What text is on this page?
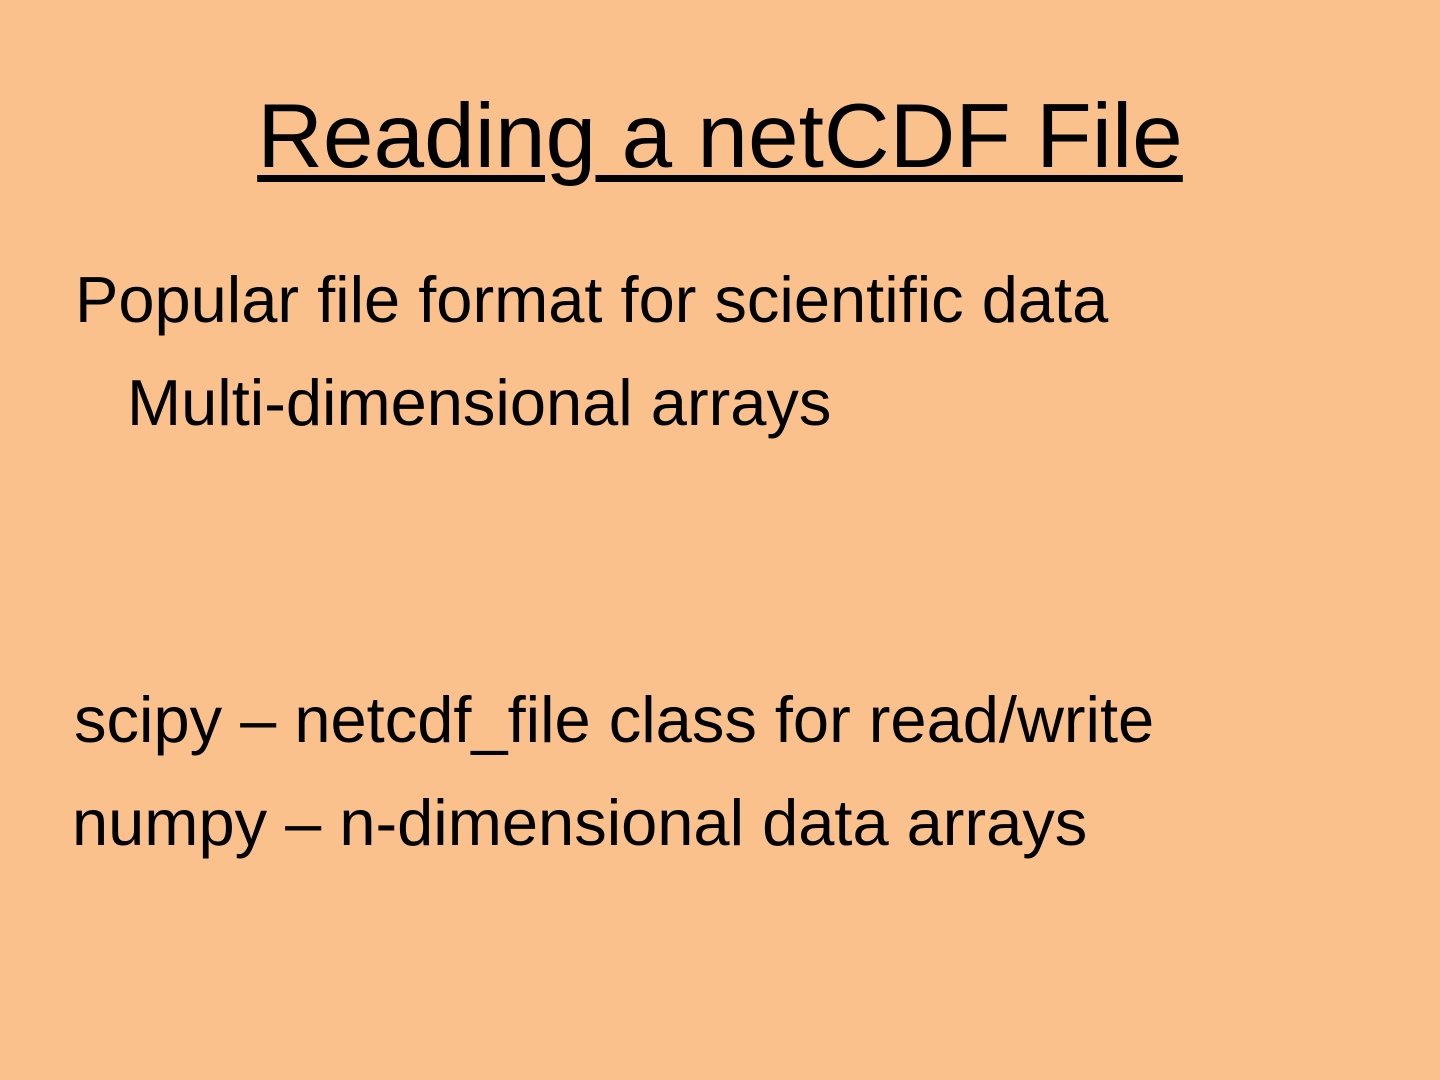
Reading a netCDF File

Popular file format for scientific data

Multi-dimensional arrays

scipy – netcdf_file class for read/write

numpy – n-dimensional data arrays
